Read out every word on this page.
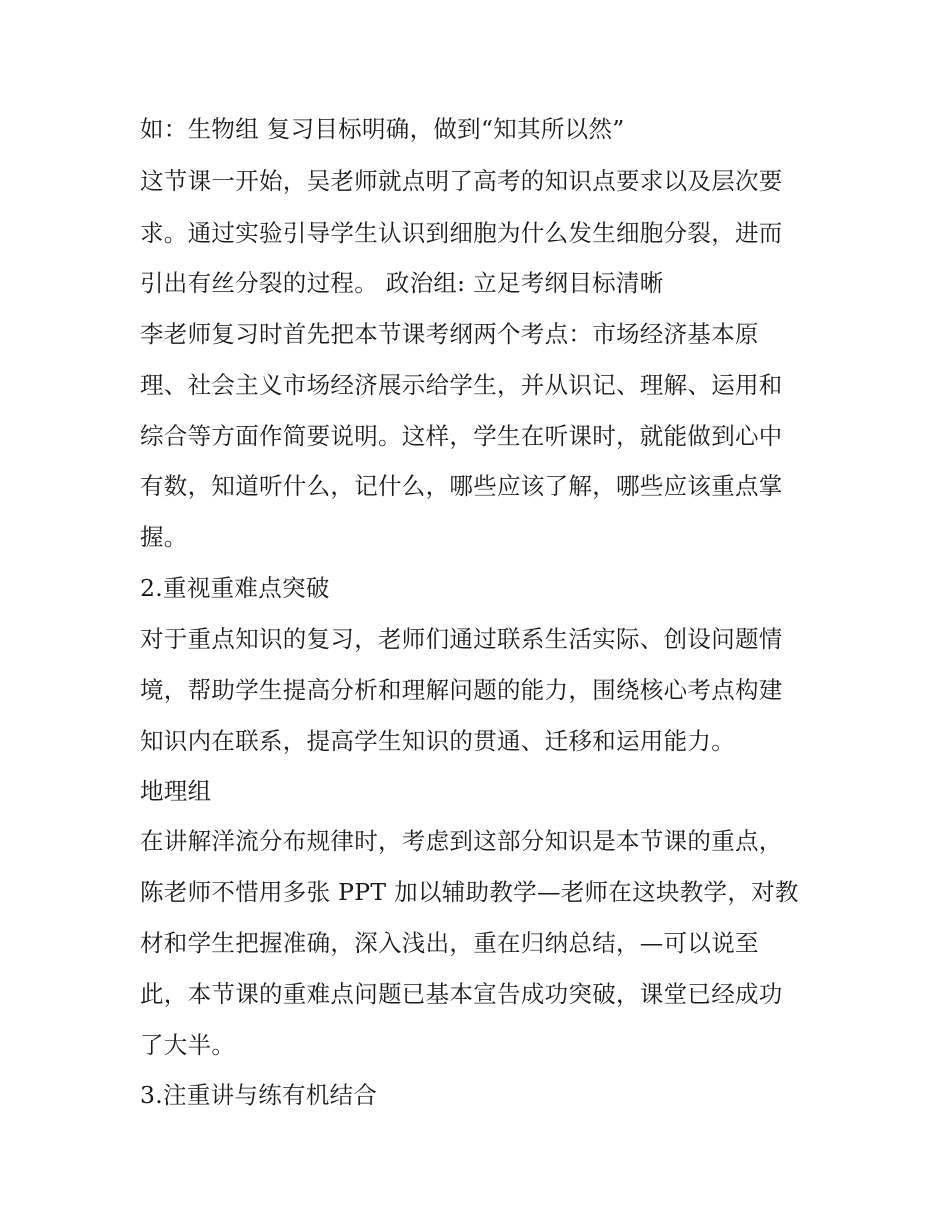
如：生物组 复习目标明确，做到“知其所以然”
这节课一开始，吴老师就点明了高考的知识点要求以及层次要
求。通过实验引导学生认识到细胞为什么发生细胞分裂，进而
引出有丝分裂的过程。 政治组: 立足考纲目标清晰
李老师复习时首先把本节课考纲两个考点：市场经济基本原
理、社会主义市场经济展示给学生，并从识记、理解、运用和
综合等方面作简要说明。这样，学生在听课时，就能做到心中
有数，知道听什么，记什么，哪些应该了解，哪些应该重点掌
握。
2.重视重难点突破
对于重点知识的复习，老师们通过联系生活实际、创设问题情
境，帮助学生提高分析和理解问题的能力，围绕核心考点构建
知识内在联系，提高学生知识的贯通、迁移和运用能力。
地理组
在讲解洋流分布规律时，考虑到这部分知识是本节课的重点，
陈老师不惜用多张 PPT 加以辅助教学—老师在这块教学，对教
材和学生把握准确，深入浅出，重在归纳总结，—可以说至
此，本节课的重难点问题已基本宣告成功突破，课堂已经成功
了大半。
3.注重讲与练有机结合
